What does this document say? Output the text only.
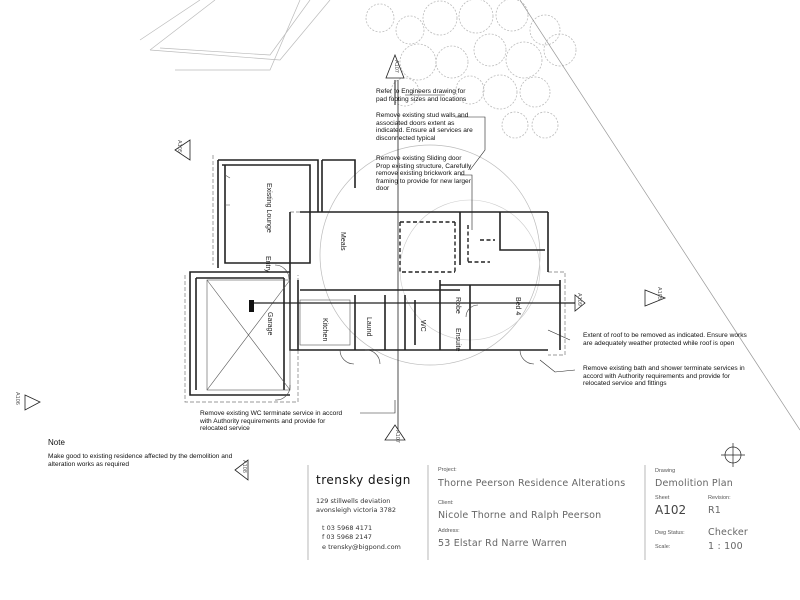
Refer to Engineers drawing for pad footing sizes and locations
Remove existing stud walls and associated doors extent as indicated. Ensure all services are disconnected typical
Remove existing Sliding door Prop existing structure, Carefully remove existing brickwork and framing to provide for new larger door
Extent of roof to be removed as indicated. Ensure works are adequately weather protected while roof is open
Remove existing bath and shower terminate services in accord with Authority requirements and provide for relocated service and fittings
Remove existing WC terminate service in accord with Authority requirements and provide for relocated service
Note
Make good to existing residence affected by the demolition and alteration works as required
Existing Lounge
Meals
Entry
Garage	Kitchen	Laund	WC
Robe	Bed 4
Ensuite
A107
A107
A105
A105
A106
A108
A109
trensky design
129 stillwells deviation
avonsleigh victoria 3782
t 03 5968 4171
f 03 5968 2147
e trensky@bigpond.com
Project:
Thorne Peerson Residence Alterations
Client:
Nicole Thorne and Ralph Peerson
Address:
53 Elstar Rd Narre Warren
Drawing
Demolition Plan
Sheet
A102
Revision:
R1
Dwg Status: Checker
Scale:	1 : 100
